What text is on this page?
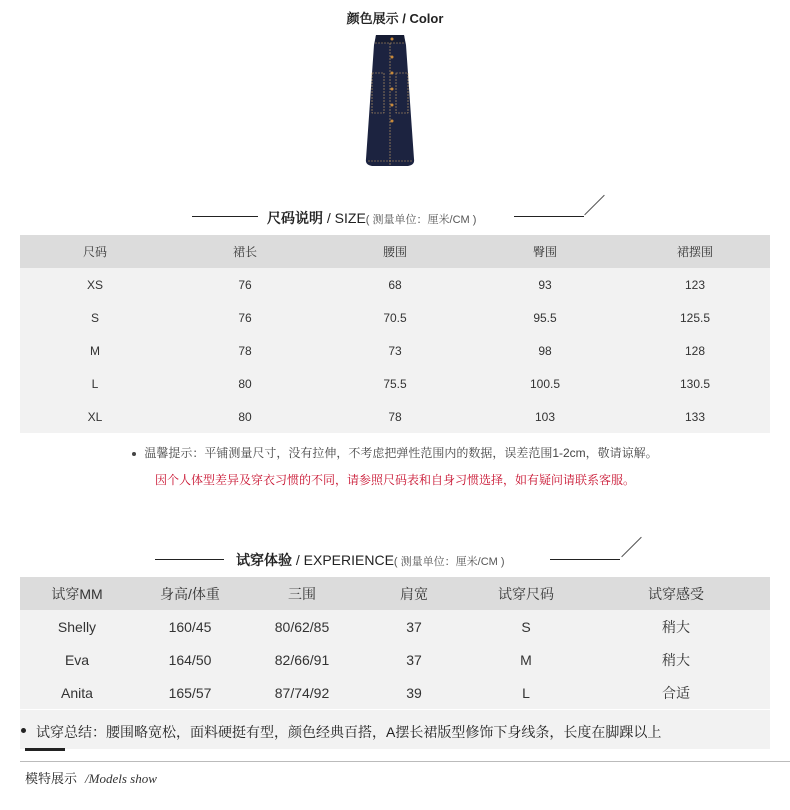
颜色展示 / Color
尺码说明 / SIZE( 测量单位：厘米/CM )
尺码	裙长	腰围	臀围	裙摆围
XS	76	68	93	123
S	76	70.5	95.5	125.5
M	78	73	98	128
L	80	75.5	100.5	130.5
XL	80	78	103	133
温馨提示：平铺测量尺寸，没有拉伸，不考虑把弹性范围内的数据，误差范围1-2cm，敬请谅解。
因个人体型差异及穿衣习惯的不同，请参照尺码表和自身习惯选择，如有疑问请联系客服。
试穿体验 / EXPERIENCE( 测量单位：厘米/CM )
试穿MM	身高/体重	三围	肩宽	试穿尺码	试穿感受
Shelly	160/45	80/62/85	37	S	稍大
Eva	164/50	82/66/91	37	M	稍大
Anita	165/57	87/74/92	39	L	合适
试穿总结：腰围略宽松，面料硬挺有型，颜色经典百搭，A摆长裙版型修饰下身线条，长度在脚踝以上
模特展示 /Models show
